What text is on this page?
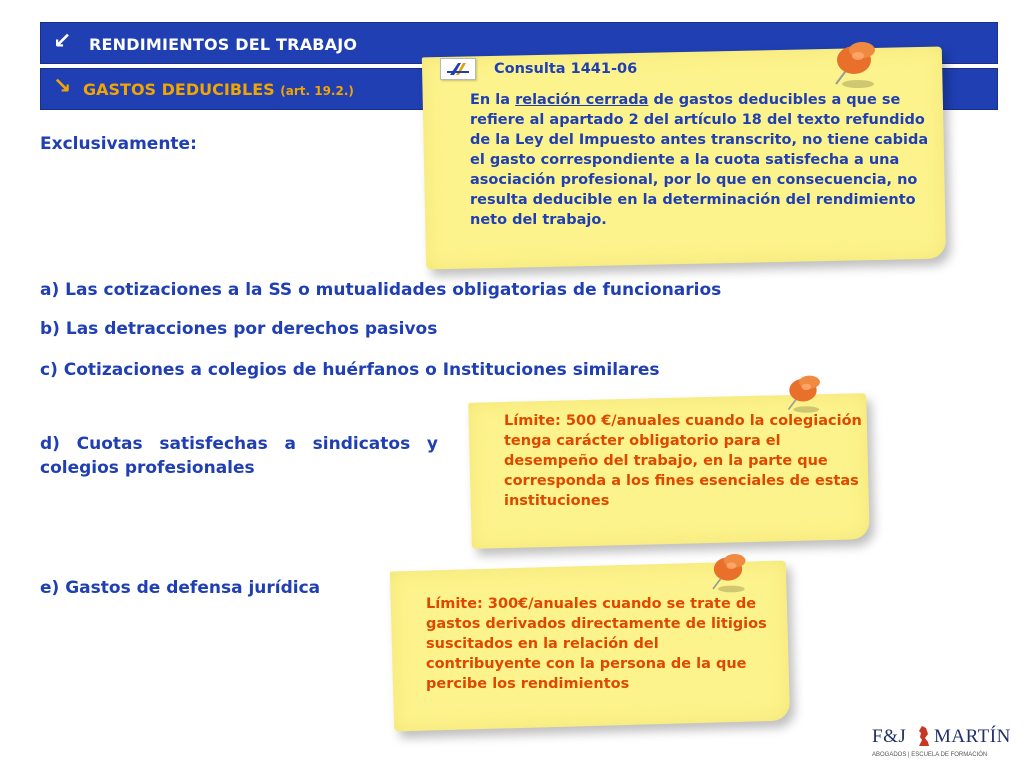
↙ RENDIMIENTOS DEL TRABAJO
↘ GASTOS DEDUCIBLES (art. 19.2.)
Exclusivamente:
a) Las cotizaciones a la SS o mutualidades obligatorias de funcionarios
b) Las detracciones por derechos pasivos
c) Cotizaciones a colegios de huérfanos o Instituciones similares
d) Cuotas satisfechas a sindicatos y colegios profesionales
e) Gastos de defensa jurídica
Consulta 1441-06
En la relación cerrada de gastos deducibles a que se refiere al apartado 2 del artículo 18 del texto refundido de la Ley del Impuesto antes transcrito, no tiene cabida el gasto correspondiente a la cuota satisfecha a una asociación profesional, por lo que en consecuencia, no resulta deducible en la determinación del rendimiento neto del trabajo.
Límite: 500 €/anuales cuando la colegiación tenga carácter obligatorio para el desempeño del trabajo, en la parte que corresponda a los fines esenciales de estas instituciones
Límite: 300€/anuales cuando se trate de gastos derivados directamente de litigios suscitados en la relación del contribuyente con la persona de la que percibe los rendimientos
F&J MARTÍN
ABOGADOS | ESCUELA DE FORMACIÓN
